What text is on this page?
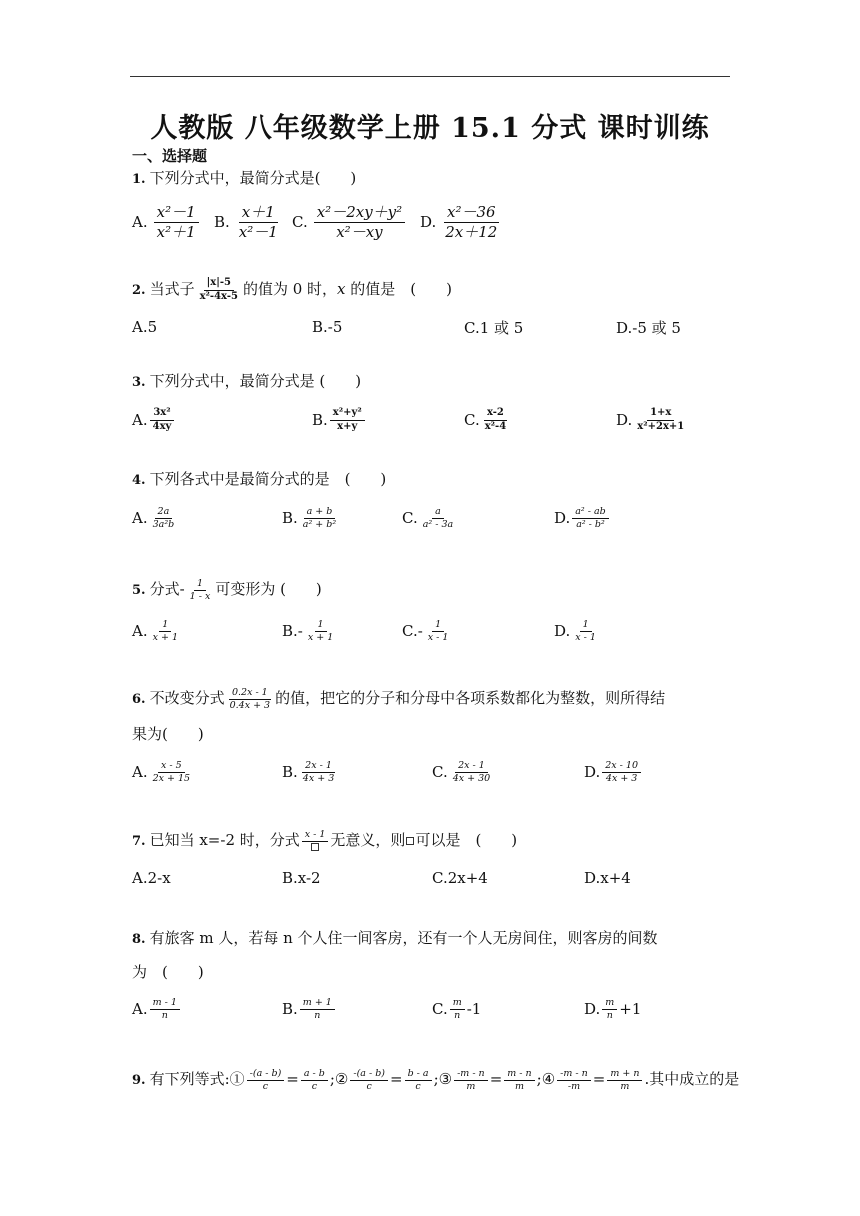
人教版 八年级数学上册 15.1 分式 课时训练
一、选择题
1. 下列分式中，最简分式是(　　)
A. $\frac{\text{x²－1}}{\text{x²＋1}} B$. $\frac{x+1}{\text{x²－1}} C$. $\frac{\text{x²－2xy＋y²}}{\text{x²－xy}} D$. $\frac{\text{x²－36}}{2x+12}$
2. 当式子 $\frac{|x|-5}{\text{x²-4x-5}}$ 的值为 0 时，x 的值是　(　　)
A.5	B.-5	C.1 或 5	D.-5 或 5
3. 下列分式中，最简分式是 (　　)
A. $\frac{\text{3x²}}{4xy}$	B. $\frac{\text{x²+y²}}{x+y}$	C. $\frac{x-2}{\text{x²-4}}$	D. $\frac{1+x}{\text{x²+2x+1}}$
4. 下列各式中是最简分式的是　(　　)
A. $\frac{2a}{\text{3a²b}}$	B. $\frac{a + b}{\text{a² + b²}}$	C. $\frac{a}{\text{a² - 3a}}$	D. $\frac{\text{a² - ab}}{\text{a² - b²}}$
5. 分式- $\frac{1}{1 - x}$ 可变形为 (　　)
A. $\frac{1}{x + 1}$	$B.- \frac{1}{x + 1}$	$C.- \frac{1}{x - 1}$	D. $\frac{1}{x - 1}$
6. 不改变分式 $\frac{0.2x - 1}{0.4x + 3}$ 的值，把它的分子和分母中各项系数都化为整数，则所得结
果为(　　)
A. $\frac{x - 5}{2x + 15}$	B. $\frac{2x - 1}{4x + 3}$	C. $\frac{2x - 1}{4x + 30}$	D. $\frac{2x - 10}{4x + 3}$
7. 已知当 x=-2 时，分式 x - 1 无意义，则 可以是　(　　)
A.2-x	B.x-2	C.2x+4	D.x+4
8. 有旅客 m 人，若每 n 个人住一间客房，还有一个人无房间住，则客房的间数
为　(　　)
A. $\frac{m - 1}{n}$	B. $\frac{m + 1}{n}$	C. $\frac{m}{n} -1$	D. $\frac{m}{n} +1$
9. 有下列等式:① $\frac{-(a - b)}{c} = \frac{a - b}{c}$ ;② $\frac{-(a - b)}{c} = \frac{b - a}{c}$ ;③ $\frac{-m - n}{m} = \frac{m - n}{m}$ ;④ $\frac{-m - n}{-m} = \frac{m + n}{m}$ .其中成立的是
